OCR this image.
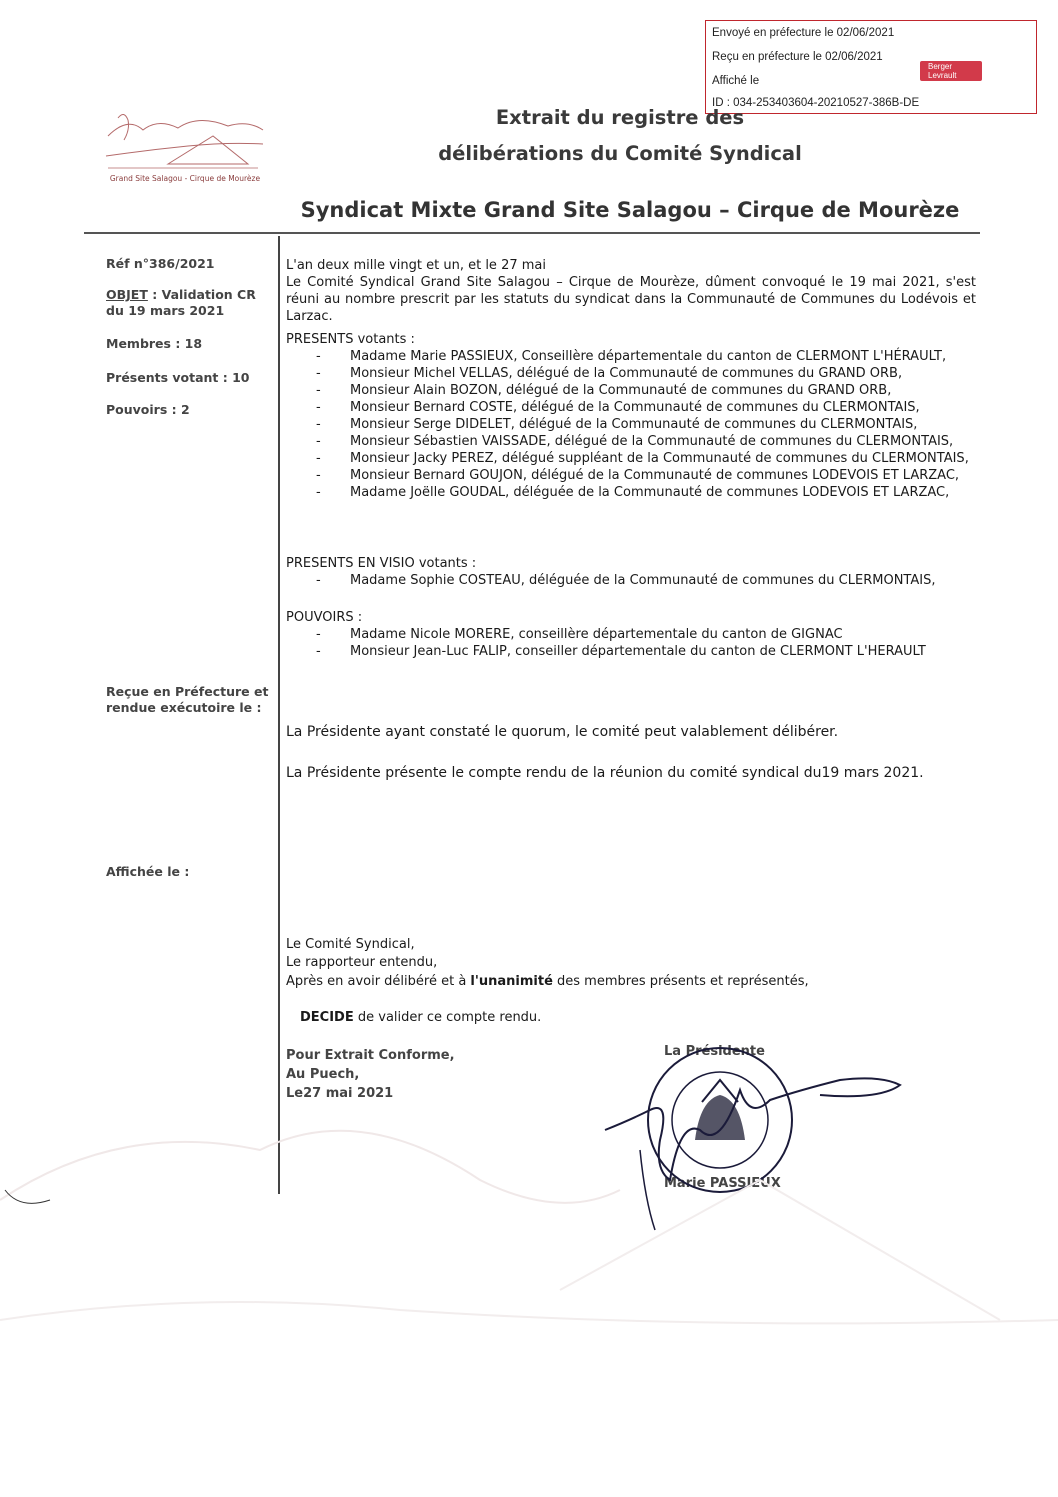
Envoyé en préfecture le 02/06/2021
Reçu en préfecture le 02/06/2021
Affiché le
ID : 034-253403604-20210527-386B-DE
Berger
Levrault
Grand Site Salagou - Cirque de Mourèze
Extrait du registre des
délibérations du Comité Syndical
Syndicat Mixte Grand Site Salagou – Cirque de Mourèze
Réf n°386/2021
OBJET : Validation CR du 19 mars 2021
Membres : 18
Présents votant : 10
Pouvoirs : 2
Reçue en Préfecture et rendue exécutoire le :
Affichée le :
L'an deux mille vingt et un, et le 27 mai
Le Comité Syndical Grand Site Salagou – Cirque de Mourèze, dûment convoqué le 19 mai 2021, s'est réuni au nombre prescrit par les statuts du syndicat dans la Communauté de Communes du Lodévois et Larzac.
PRESENTS votants :
- Madame Marie PASSIEUX, Conseillère départementale du canton de CLERMONT L'HÉRAULT,
- Monsieur Michel VELLAS, délégué de la Communauté de communes du GRAND ORB,
- Monsieur Alain BOZON, délégué de la Communauté de communes du GRAND ORB,
- Monsieur Bernard COSTE, délégué de la Communauté de communes du CLERMONTAIS,
- Monsieur Serge DIDELET, délégué de la Communauté de communes du CLERMONTAIS,
- Monsieur Sébastien VAISSADE, délégué de la Communauté de communes du CLERMONTAIS,
- Monsieur Jacky PEREZ, délégué suppléant de la Communauté de communes du CLERMONTAIS,
- Monsieur Bernard GOUJON, délégué de la Communauté de communes LODEVOIS ET LARZAC,
- Madame Joëlle GOUDAL, déléguée de la Communauté de communes LODEVOIS ET LARZAC,
PRESENTS EN VISIO votants :
- Madame Sophie COSTEAU, déléguée de la Communauté de communes du CLERMONTAIS,
POUVOIRS :
- Madame Nicole MORERE, conseillère départementale du canton de GIGNAC
- Monsieur Jean-Luc FALIP, conseiller départementale du canton de CLERMONT L'HERAULT
La Présidente ayant constaté le quorum, le comité peut valablement délibérer.
La Présidente présente le compte rendu de la réunion du comité syndical du19 mars 2021.
Le Comité Syndical,
Le rapporteur entendu,
Après en avoir délibéré et à l'unanimité des membres présents et représentés,
DECIDE de valider ce compte rendu.
Pour Extrait Conforme,
Au Puech,
Le27 mai 2021
La Présidente
Marie PASSIEUX
